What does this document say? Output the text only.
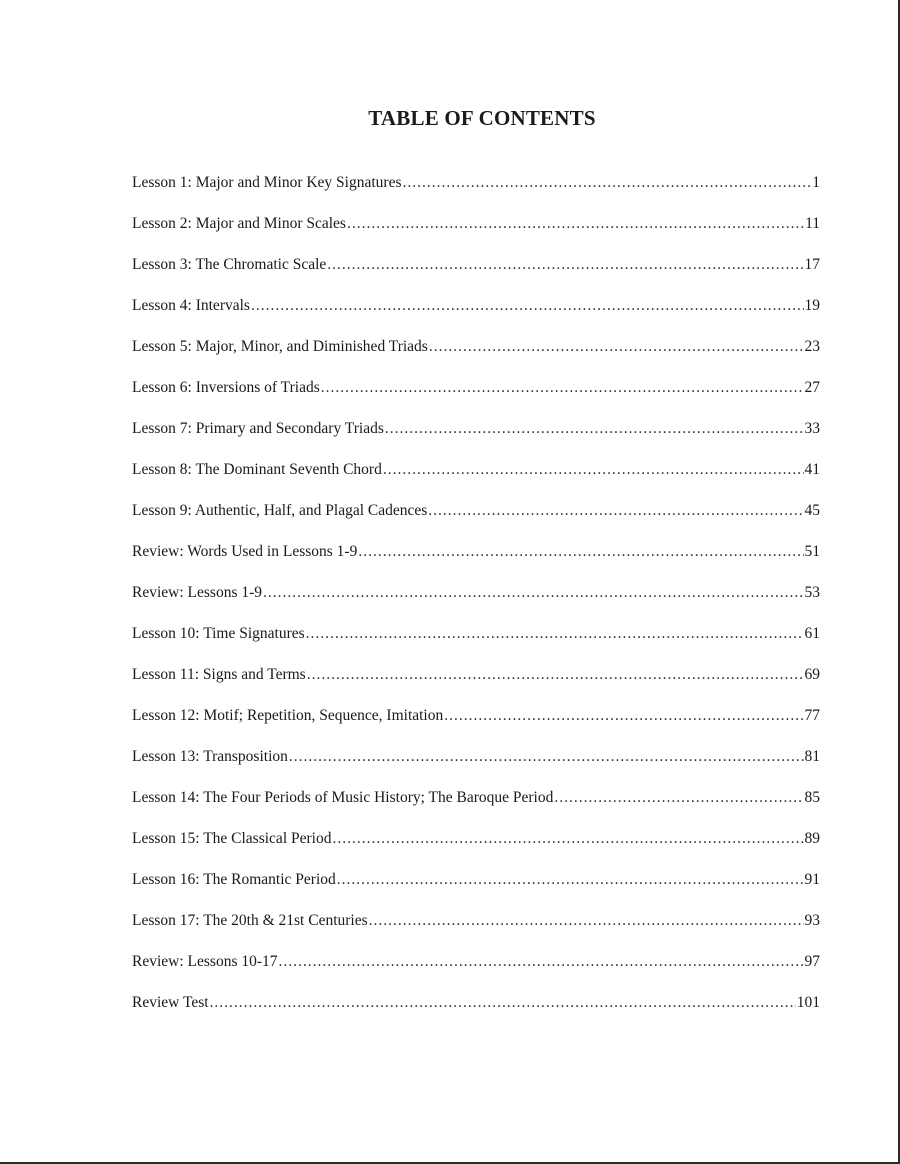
TABLE OF CONTENTS
Lesson 1: Major and Minor Key Signatures .....	1
Lesson 2: Major and Minor Scales .....	11
Lesson 3: The Chromatic Scale .....	17
Lesson 4: Intervals .....	19
Lesson 5: Major, Minor, and Diminished Triads .....	23
Lesson 6: Inversions of Triads .....	27
Lesson 7: Primary and Secondary Triads .....	33
Lesson 8: The Dominant Seventh Chord .....	41
Lesson 9: Authentic, Half, and Plagal Cadences .....	45
Review: Words Used in Lessons 1-9 .....	51
Review: Lessons 1-9 .....	53
Lesson 10: Time Signatures .....	61
Lesson 11: Signs and Terms .....	69
Lesson 12: Motif; Repetition, Sequence, Imitation .....	77
Lesson 13: Transposition .....	81
Lesson 14: The Four Periods of Music History; The Baroque Period .....	85
Lesson 15: The Classical Period .....	89
Lesson 16: The Romantic Period .....	91
Lesson 17: The 20th & 21st Centuries .....	93
Review: Lessons 10-17 .....	97
Review Test .....	101
